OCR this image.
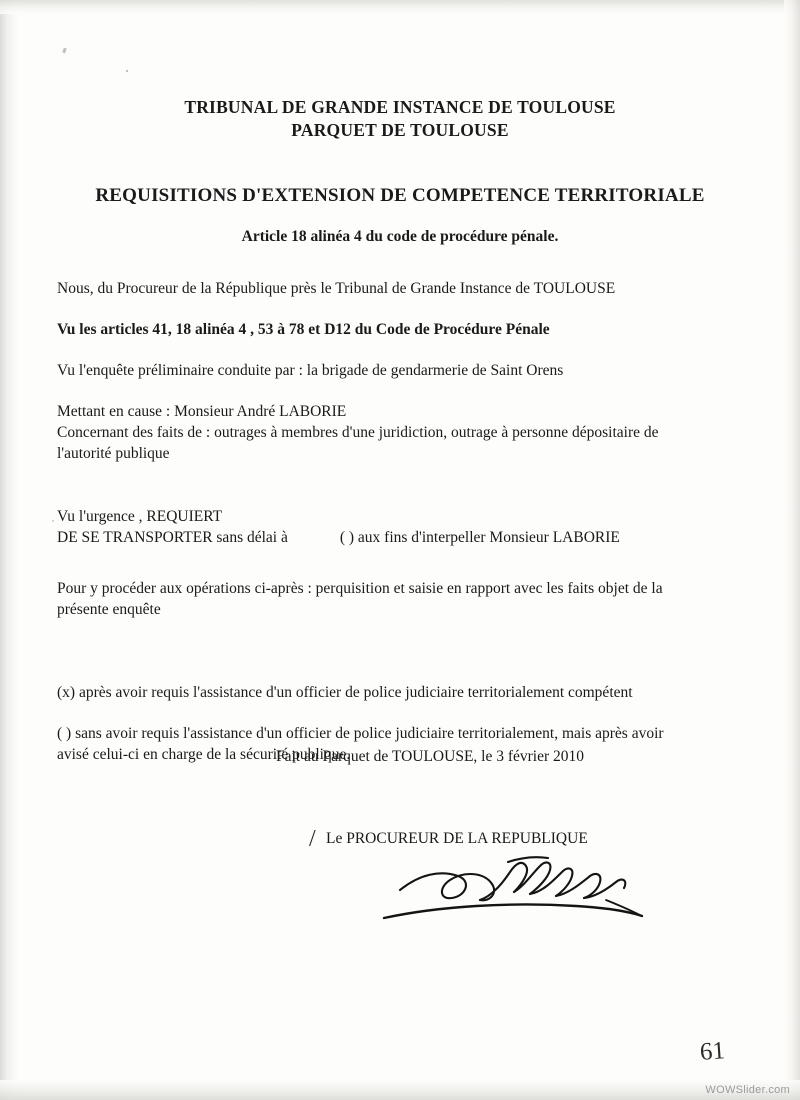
TRIBUNAL DE GRANDE INSTANCE DE TOULOUSE
PARQUET DE TOULOUSE
REQUISITIONS D'EXTENSION DE COMPETENCE TERRITORIALE
Article 18 alinéa 4 du code de procédure pénale.
Nous, du Procureur de la République près le Tribunal de Grande Instance de TOULOUSE
Vu les articles 41, 18 alinéa 4 , 53 à 78 et D12 du Code de Procédure Pénale
Vu l'enquête préliminaire conduite par : la brigade de gendarmerie de Saint Orens
Mettant en cause : Monsieur André LABORIE
Concernant des faits de : outrages à membres d'une juridiction, outrage à personne dépositaire de l'autorité publique
Vu l'urgence , REQUIERT
DE SE TRANSPORTER sans délai à	( ) aux fins d'interpeller Monsieur LABORIE
Pour y procéder aux opérations ci-après : perquisition et saisie en rapport avec les faits objet de la présente enquête
(x) après avoir requis l'assistance d'un officier de police judiciaire territorialement compétent
( ) sans avoir requis l'assistance d'un officier de police judiciaire territorialement, mais après avoir avisé celui-ci en charge de la sécurité publique.
Fait au Parquet de TOULOUSE, le 3 février 2010
/ Le PROCUREUR DE LA REPUBLIQUE
61
WOWSlider.com
